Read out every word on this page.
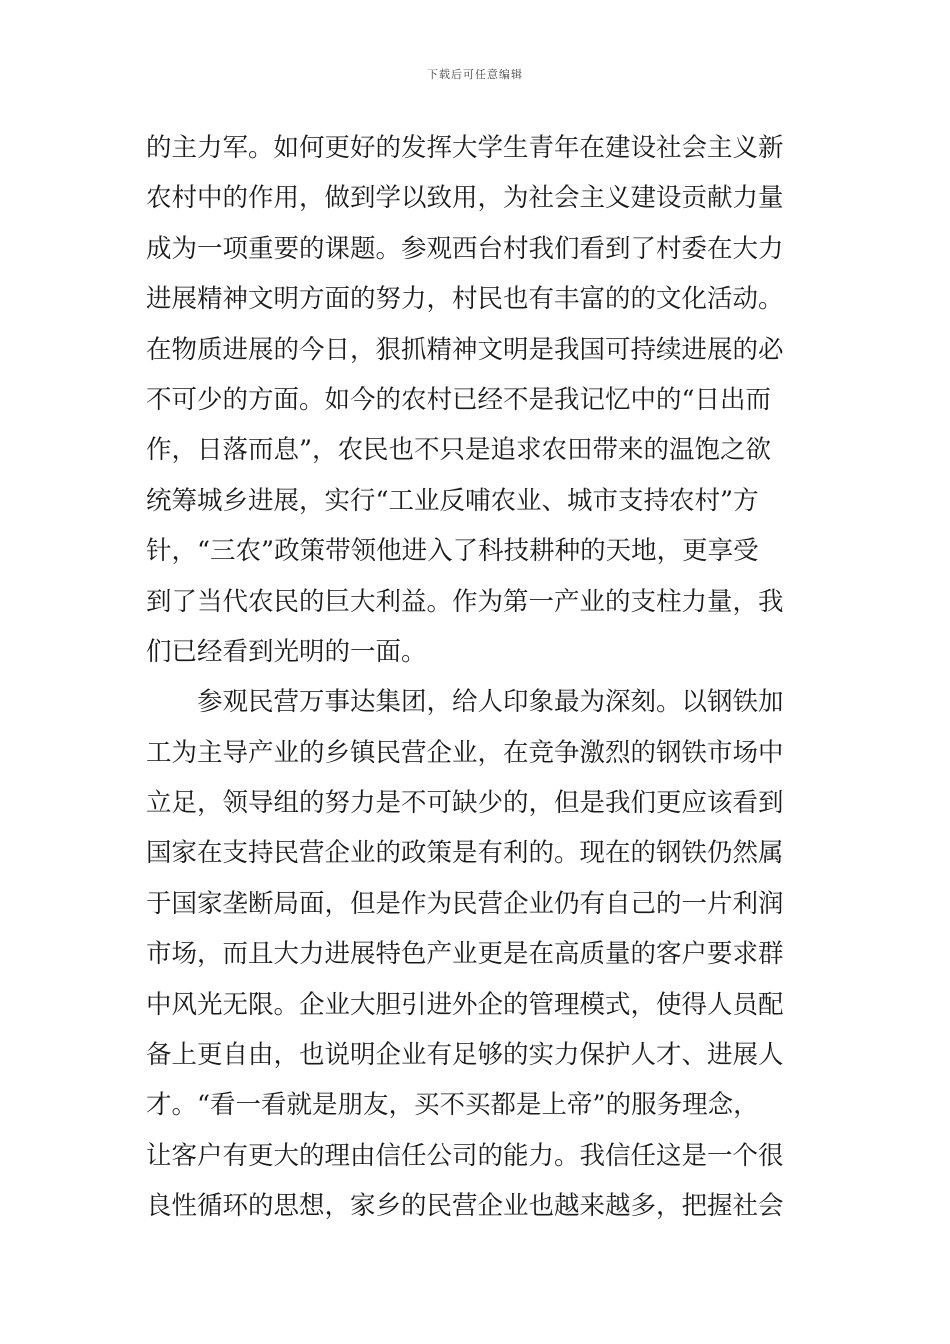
下载后可任意编辑
的主力军。如何更好的发挥大学生青年在建设社会主义新
农村中的作用，做到学以致用，为社会主义建设贡献力量
成为一项重要的课题。参观西台村我们看到了村委在大力
进展精神文明方面的努力，村民也有丰富的的文化活动。
在物质进展的今日，狠抓精神文明是我国可持续进展的必
不可少的方面。如今的农村已经不是我记忆中的“日出而
作，日落而息”，农民也不只是追求农田带来的温饱之欲
统筹城乡进展，实行“工业反哺农业、城市支持农村”方
针，“三农”政策带领他进入了科技耕种的天地，更享受
到了当代农民的巨大利益。作为第一产业的支柱力量，我
们已经看到光明的一面。
　　参观民营万事达集团，给人印象最为深刻。以钢铁加
工为主导产业的乡镇民营企业，在竞争激烈的钢铁市场中
立足，领导组的努力是不可缺少的，但是我们更应该看到
国家在支持民营企业的政策是有利的。现在的钢铁仍然属
于国家垄断局面，但是作为民营企业仍有自己的一片利润
市场，而且大力进展特色产业更是在高质量的客户要求群
中风光无限。企业大胆引进外企的管理模式，使得人员配
备上更自由，也说明企业有足够的实力保护人才、进展人
才。“看一看就是朋友，买不买都是上帝”的服务理念，
让客户有更大的理由信任公司的能力。我信任这是一个很
良性循环的思想，家乡的民营企业也越来越多，把握社会
